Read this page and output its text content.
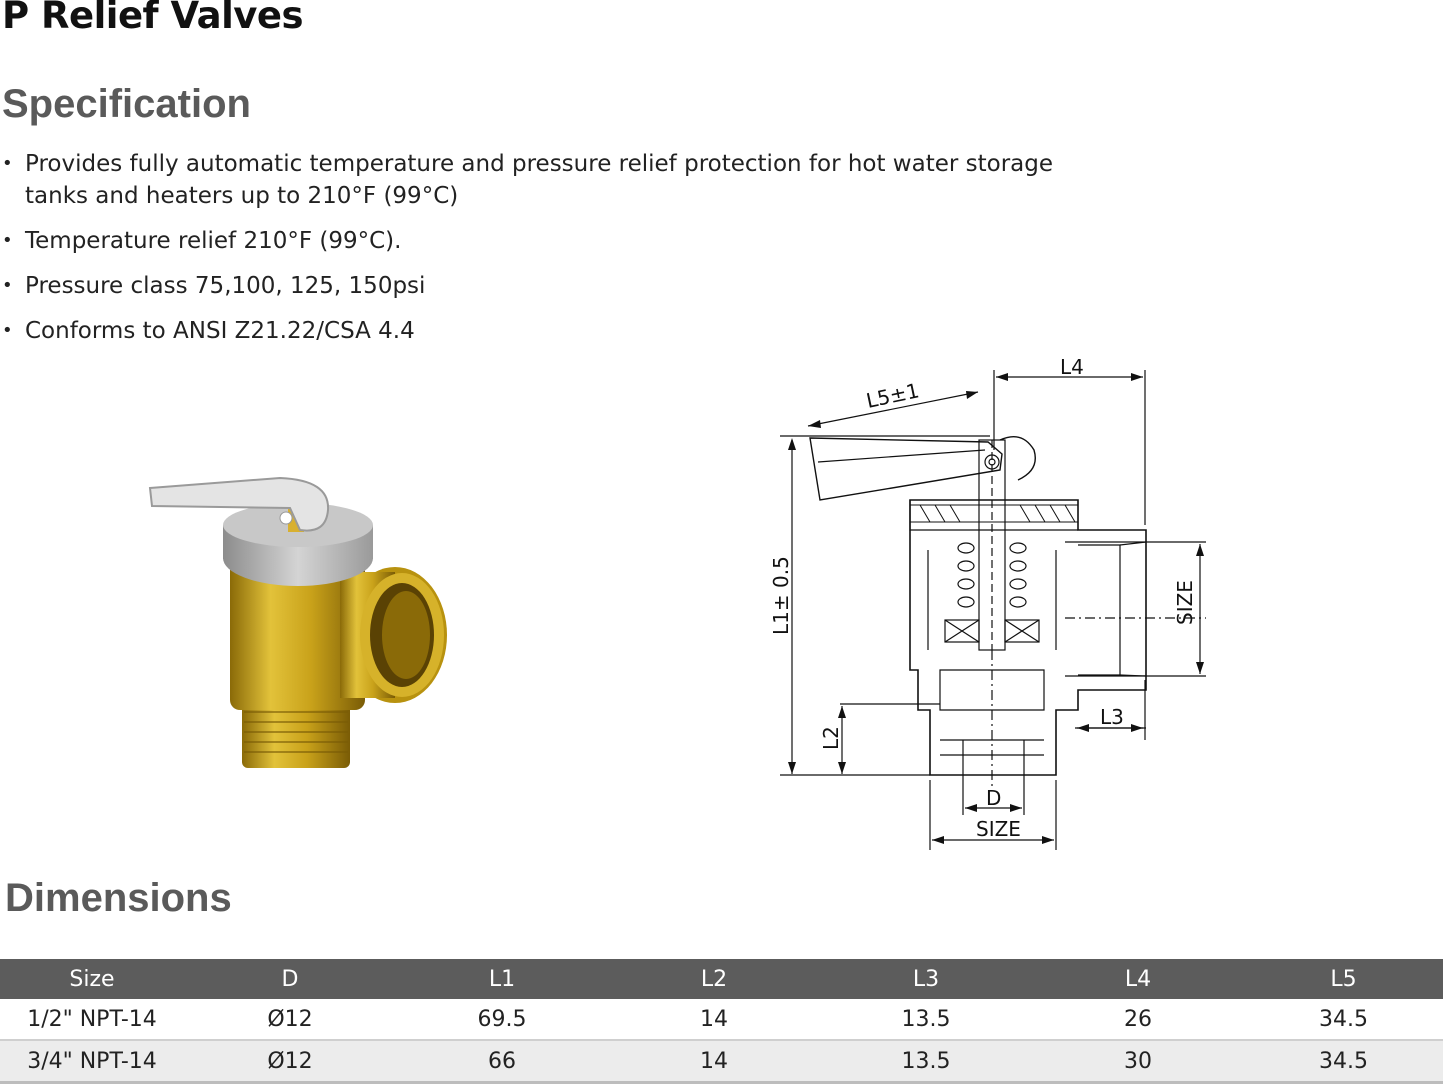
P Relief Valves
Specification
• Provides fully automatic temperature and pressure relief protection for hot water storage tanks and heaters up to 210°F (99°C)
• Temperature relief 210°F (99°C).
• Pressure class 75,100, 125, 150psi
• Conforms to ANSI Z21.22/CSA 4.4
L4
L5±1
L1± 0.5	SIZE
L3
L2
D
SIZE
Dimensions
Size	D	L1	L2	L3	L4	L5
1/2" NPT-14	Ø12	69.5	14	13.5	26	34.5
3/4" NPT-14	Ø12	66	14	13.5	30	34.5
